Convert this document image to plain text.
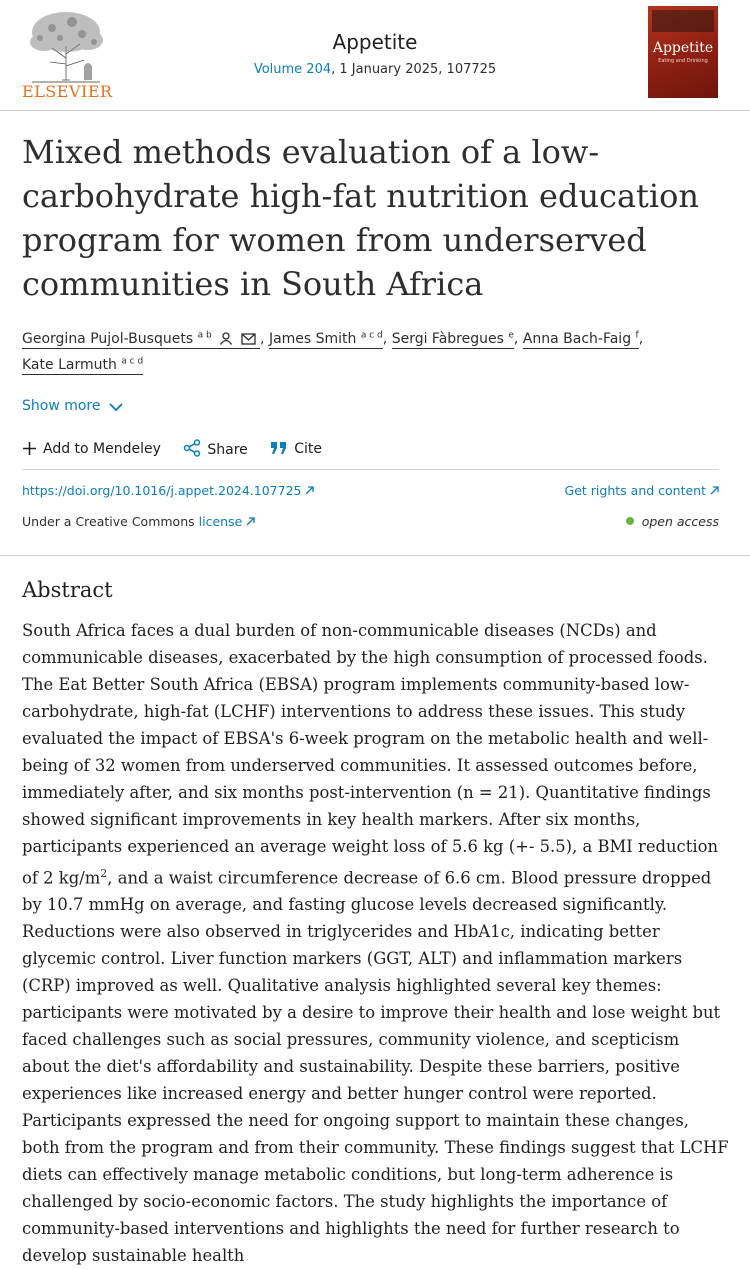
ELSEVIER
Appetite
Volume 204, 1 January 2025, 107725
Appetite
Eating and Drinking
Mixed methods evaluation of a low-carbohydrate high-fat nutrition education program for women from underserved communities in South Africa
Georgina Pujol-Busquets $^{a b}$	, James Smith $^{a c d}$, Sergi Fàbregues $^e$, Anna Bach-Faig $^f$,
Kate Larmuth $^{a c d}$
Show more
Add to Mendeley	Share	Cite
https://doi.org/10.1016/j.appet.2024.107725	Get rights and content
Under a Creative Commons license	open access
Abstract

South Africa faces a dual burden of non-communicable diseases (NCDs) and communicable diseases, exacerbated by the high consumption of processed foods. The Eat Better South Africa (EBSA) program implements community-based low-carbohydrate, high-fat (LCHF) interventions to address these issues. This study evaluated the impact of EBSA's 6-week program on the metabolic health and well-being of 32 women from underserved communities. It assessed outcomes before, immediately after, and six months post-intervention (n = 21). Quantitative findings showed significant improvements in key health markers. After six months, participants experienced an average weight loss of 5.6 kg (+- 5.5), a BMI reduction of 2 $kg/m^2$, and a waist circumference decrease of 6.6 cm. Blood pressure dropped by 10.7 mmHg on average, and fasting glucose levels decreased significantly. Reductions were also observed in triglycerides and HbA1c, indicating better glycemic control. Liver function markers (GGT, ALT) and inflammation markers (CRP) improved as well. Qualitative analysis highlighted several key themes: participants were motivated by a desire to improve their health and lose weight but faced challenges such as social pressures, community violence, and scepticism about the diet's affordability and sustainability. Despite these barriers, positive experiences like increased energy and better hunger control were reported. Participants expressed the need for ongoing support to maintain these changes, both from the program and from their community. These findings suggest that LCHF diets can effectively manage metabolic conditions, but long-term adherence is challenged by socio-economic factors. The study highlights the importance of community-based interventions and highlights the need for further research to develop sustainable health
